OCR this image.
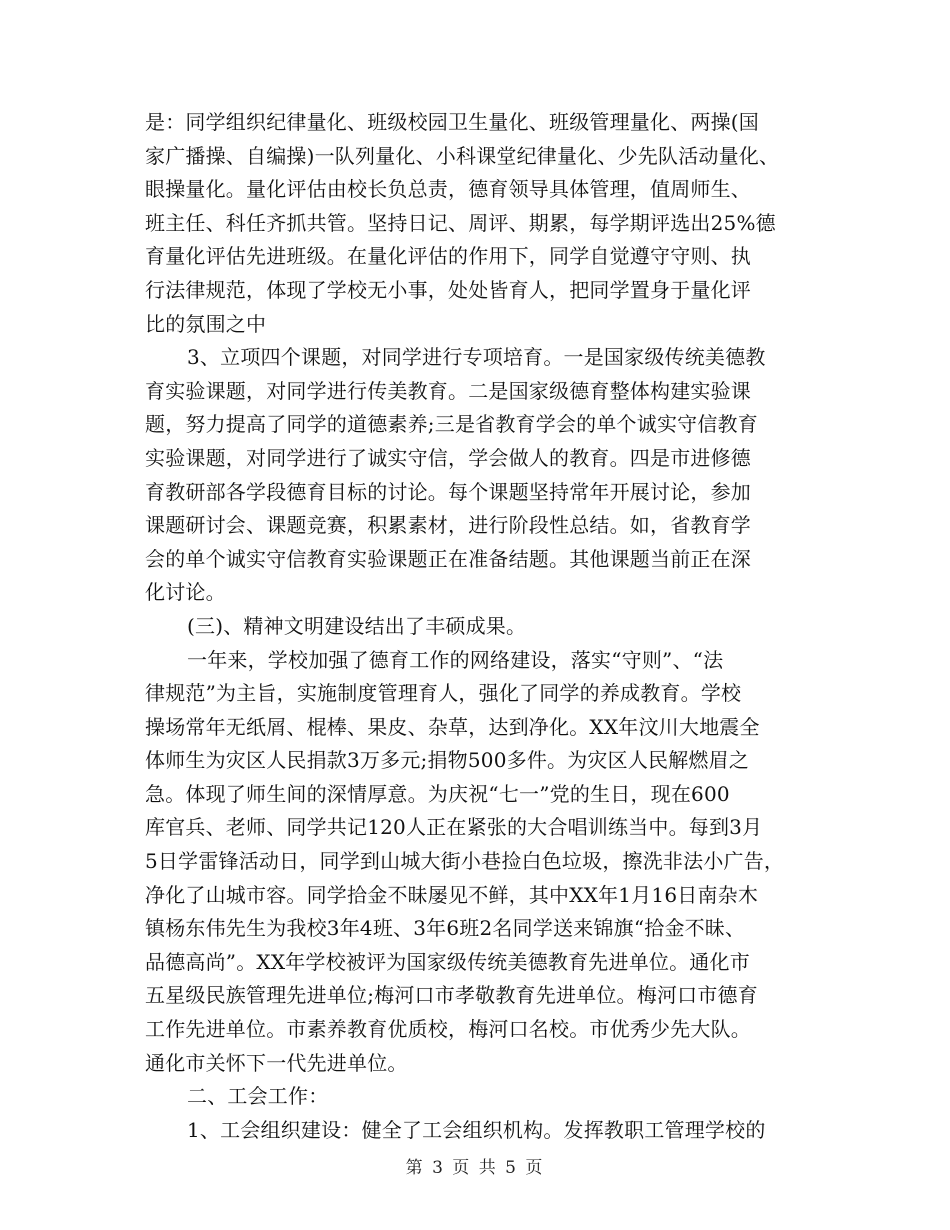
是：同学组织纪律量化、班级校园卫生量化、班级管理量化、两操(国
家广播操、自编操)一队列量化、小科课堂纪律量化、少先队活动量化、
眼操量化。量化评估由校长负总责，德育领导具体管理，值周师生、
班主任、科任齐抓共管。坚持日记、周评、期累，每学期评选出25%德
育量化评估先进班级。在量化评估的作用下，同学自觉遵守守则、执
行法律规范，体现了学校无小事，处处皆育人，把同学置身于量化评
比的氛围之中
3、立项四个课题，对同学进行专项培育。一是国家级传统美德教
育实验课题，对同学进行传美教育。二是国家级德育整体构建实验课
题，努力提高了同学的道德素养;三是省教育学会的单个诚实守信教育
实验课题，对同学进行了诚实守信，学会做人的教育。四是市进修德
育教研部各学段德育目标的讨论。每个课题坚持常年开展讨论，参加
课题研讨会、课题竞赛，积累素材，进行阶段性总结。如，省教育学
会的单个诚实守信教育实验课题正在准备结题。其他课题当前正在深
化讨论。
(三)、精神文明建设结出了丰硕成果。
一年来，学校加强了德育工作的网络建设，落实“守则”、“法
律规范”为主旨，实施制度管理育人，强化了同学的养成教育。学校
操场常年无纸屑、棍棒、果皮、杂草，达到净化。XX年汶川大地震全
体师生为灾区人民捐款3万多元;捐物500多件。为灾区人民解燃眉之
急。体现了师生间的深情厚意。为庆祝“七一”党的生日，现在600
库官兵、老师、同学共记120人正在紧张的大合唱训练当中。每到3月
5日学雷锋活动日，同学到山城大街小巷捡白色垃圾，擦洗非法小广告，
净化了山城市容。同学拾金不昧屡见不鲜，其中XX年1月16日南杂木
镇杨东伟先生为我校3年4班、3年6班2名同学送来锦旗“拾金不昧、
品德高尚”。XX年学校被评为国家级传统美德教育先进单位。通化市
五星级民族管理先进单位;梅河口市孝敬教育先进单位。梅河口市德育
工作先进单位。市素养教育优质校，梅河口名校。市优秀少先大队。
通化市关怀下一代先进单位。
二、工会工作：
1、工会组织建设：健全了工会组织机构。发挥教职工管理学校的
第 3 页 共 5 页
